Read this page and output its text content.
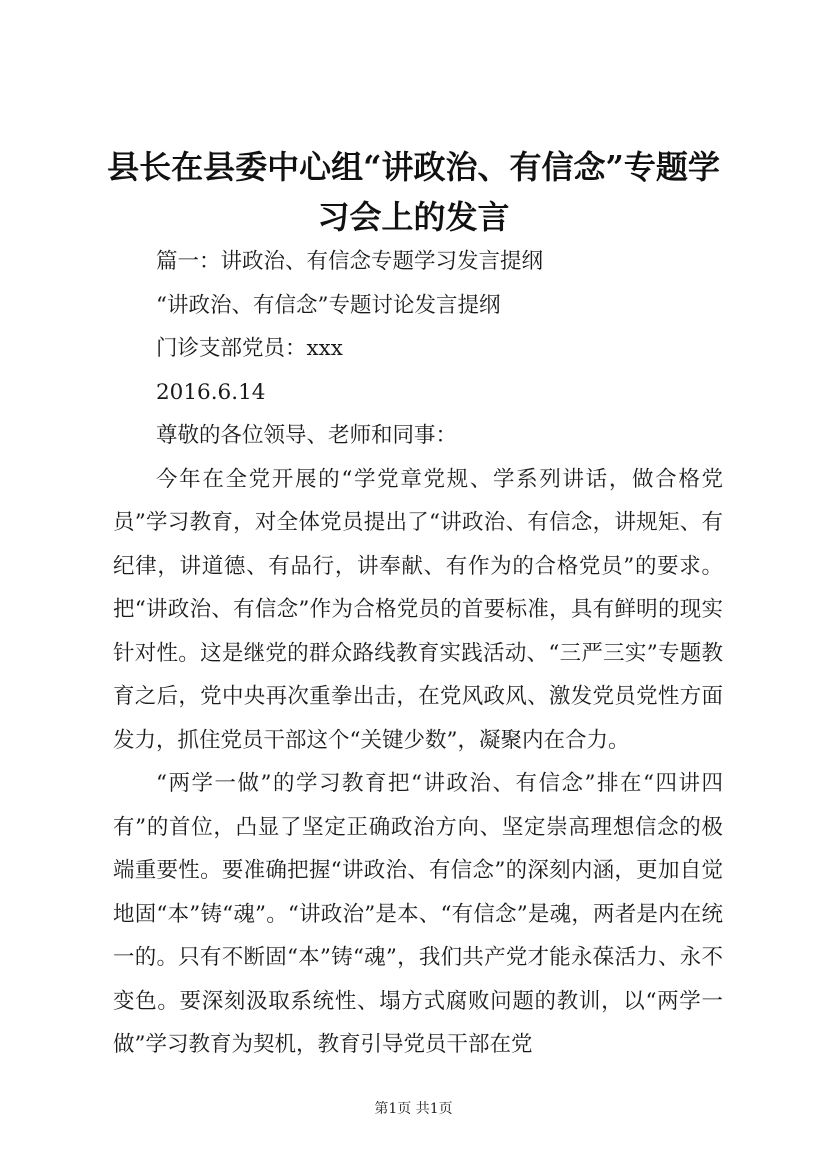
县长在县委中心组“讲政治、有信念”专题学习会上的发言

篇一：讲政治、有信念专题学习发言提纲

“讲政治、有信念”专题讨论发言提纲

门诊支部党员：xxx

2016.6.14

尊敬的各位领导、老师和同事：

今年在全党开展的“学党章党规、学系列讲话，做合格党员”学习教育，对全体党员提出了“讲政治、有信念，讲规矩、有纪律，讲道德、有品行，讲奉献、有作为的合格党员”的要求。把“讲政治、有信念”作为合格党员的首要标准，具有鲜明的现实针对性。这是继党的群众路线教育实践活动、“三严三实”专题教育之后，党中央再次重拳出击，在党风政风、激发党员党性方面发力，抓住党员干部这个“关键少数”，凝聚内在合力。

“两学一做”的学习教育把“讲政治、有信念”排在“四讲四有”的首位，凸显了坚定正确政治方向、坚定崇高理想信念的极端重要性。要准确把握“讲政治、有信念”的深刻内涵，更加自觉地固“本”铸“魂”。“讲政治”是本、“有信念”是魂，两者是内在统一的。只有不断固“本”铸“魂”，我们共产党才能永葆活力、永不变色。要深刻汲取系统性、塌方式腐败问题的教训，以“两学一做”学习教育为契机，教育引导党员干部在党

第1页 共1页
